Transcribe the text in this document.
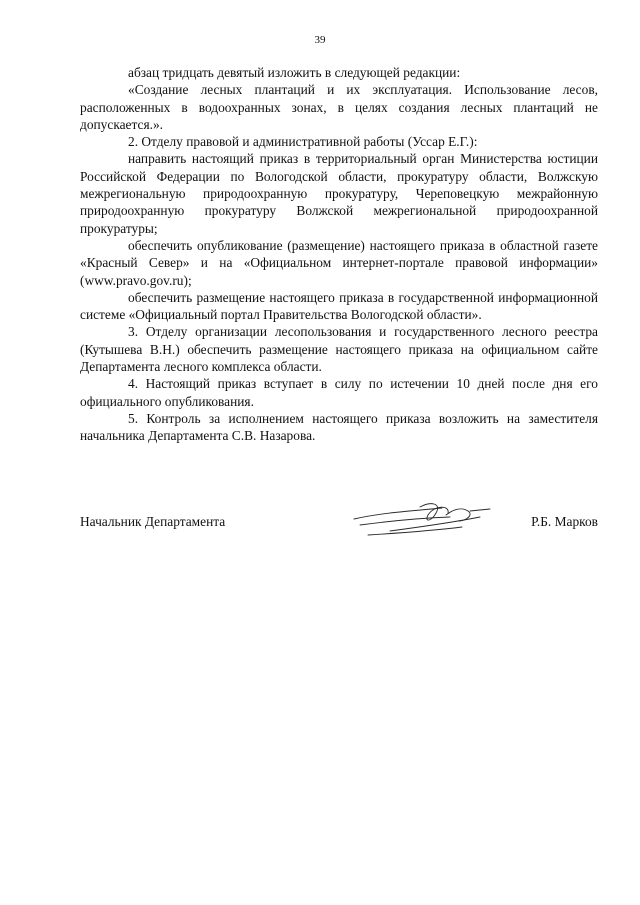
39

абзац тридцать девятый изложить в следующей редакции:

«Создание лесных плантаций и их эксплуатация. Использование лесов, расположенных в водоохранных зонах, в целях создания лесных плантаций не допускается.».

2. Отделу правовой и административной работы (Уссар Е.Г.):

направить настоящий приказ в территориальный орган Министерства юстиции Российской Федерации по Вологодской области, прокуратуру области, Волжскую межрегиональную природоохранную прокуратуру, Череповецкую межрайонную природоохранную прокуратуру Волжской межрегиональной природоохранной прокуратуры;

обеспечить опубликование (размещение) настоящего приказа в областной газете «Красный Север» и на «Официальном интернет-портале правовой информации» (www.pravo.gov.ru);

обеспечить размещение настоящего приказа в государственной информационной системе «Официальный портал Правительства Вологодской области».

3. Отделу организации лесопользования и государственного лесного реестра (Кутышева В.Н.) обеспечить размещение настоящего приказа на официальном сайте Департамента лесного комплекса области.

4. Настоящий приказ вступает в силу по истечении 10 дней после дня его официального опубликования.

5. Контроль за исполнением настоящего приказа возложить на заместителя начальника Департамента С.В. Назарова.

Начальник Департамента	Р.Б. Марков
